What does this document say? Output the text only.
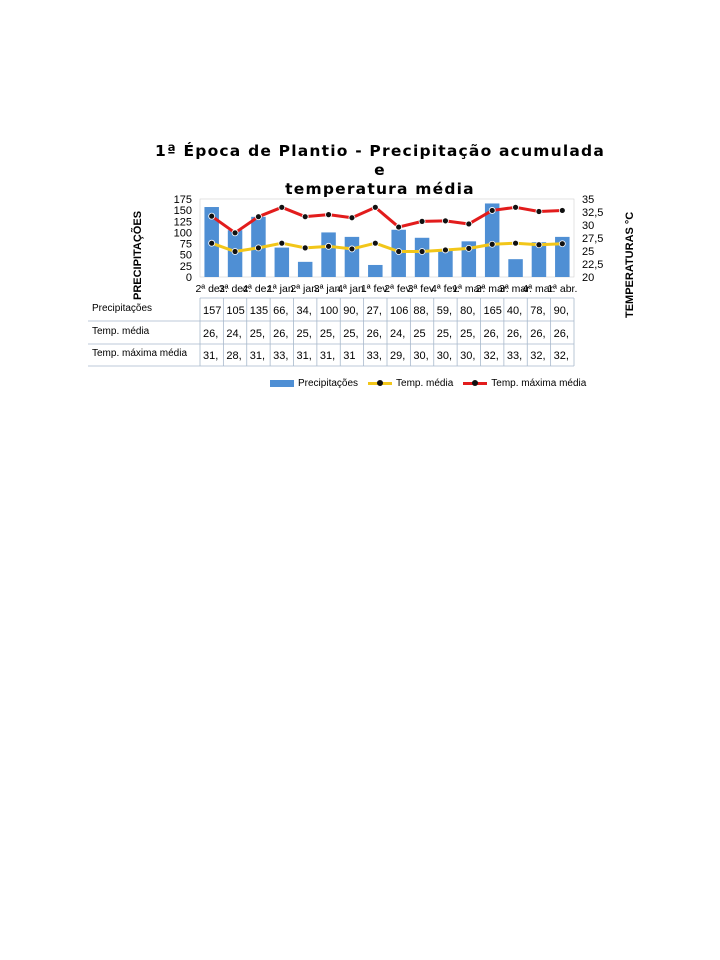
1ª Época de Plantio - Precipitação acumulada e
temperatura média
PRECIPITAÇÕES	TEMPERATURAS °C
175
150
125
100
75
50
25
0
35
32,5
30
27,5
25
22,5
20
2ª dez.
3ª dez.
4ª dez.
1ª jan.
2ª jan.
3ª jan.
4ª jan.
1ª fev.
2ª fev.
3ª fev.
4ª fev.
1ª mar.
2ª mar.
3ª mar.
4ª mar.
1ª abr.
Precipitações	157 105 135 66, 34, 100 90, 27, 106 88, 59, 80, 165 40, 78, 90,
Temp. média	26, 24, 25, 26, 25, 25, 25, 26, 24, 25 25, 25, 26, 26, 26, 26,
Temp. máxima média 31, 28, 31, 33, 31, 31, 31 33, 29, 30, 30, 30, 32, 33, 32, 32,
Precipitações	Temp. média	Temp. máxima média
